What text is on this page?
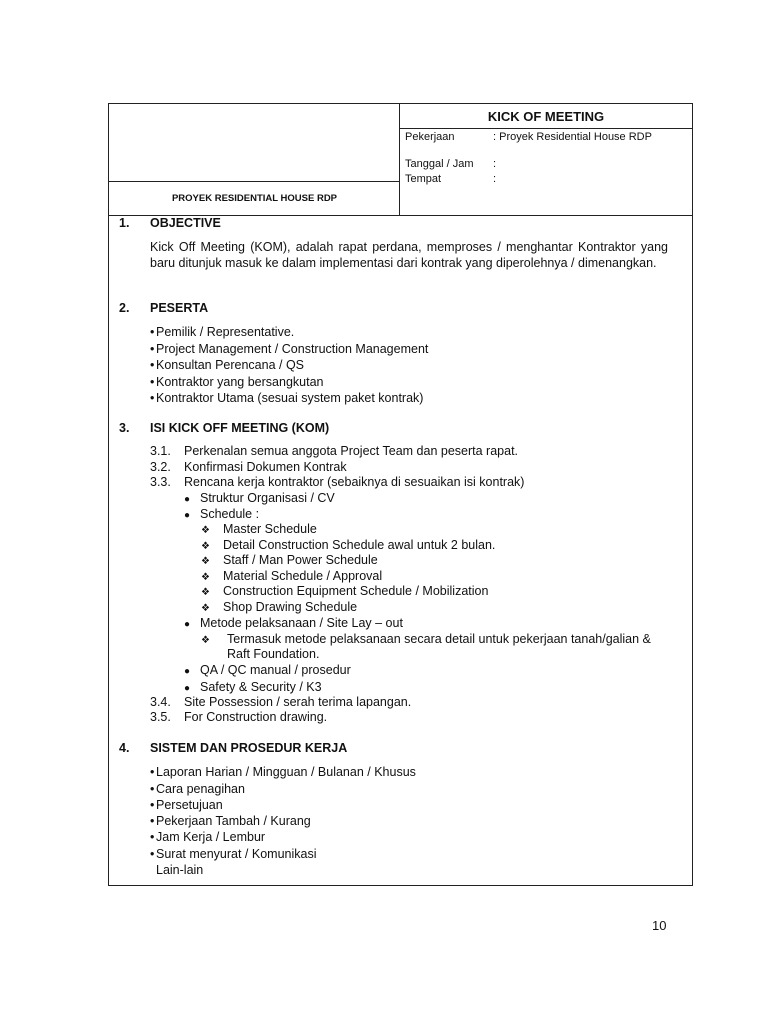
PROYEK RESIDENTIAL HOUSE RDP
KICK OF MEETING
Pekerjaan	: Proyek Residential House RDP
Tanggal / Jam	:
Tempat	:
1. OBJECTIVE
Kick Off Meeting (KOM), adalah rapat perdana, memproses / menghantar Kontraktor yang baru ditunjuk masuk ke dalam implementasi dari kontrak yang diperolehnya / dimenangkan.
2. PESERTA
• Pemilik / Representative.
• Project Management / Construction Management
• Konsultan Perencana / QS
• Kontraktor yang bersangkutan
• Kontraktor Utama (sesuai system paket kontrak)
3. ISI KICK OFF MEETING (KOM)
3.1. Perkenalan semua anggota Project Team dan peserta rapat.
3.2. Konfirmasi Dokumen Kontrak
3.3. Rencana kerja kontraktor (sebaiknya di sesuaikan isi kontrak)
● Struktur Organisasi / CV
● Schedule :
❖ Master Schedule
❖ Detail Construction Schedule awal untuk 2 bulan.
❖ Staff / Man Power Schedule
❖ Material Schedule / Approval
❖ Construction Equipment Schedule / Mobilization
❖ Shop Drawing Schedule
● Metode pelaksanaan / Site Lay – out
❖ Termasuk metode pelaksanaan secara detail untuk pekerjaan tanah/galian &
Raft Foundation.
● QA / QC manual / prosedur
● Safety & Security / K3
3.4. Site Possession / serah terima lapangan.
3.5. For Construction drawing.
4. SISTEM DAN PROSEDUR KERJA
• Laporan Harian / Mingguan / Bulanan / Khusus
• Cara penagihan
• Persetujuan
• Pekerjaan Tambah / Kurang
• Jam Kerja / Lembur
• Surat menyurat / Komunikasi
Lain-lain
10
